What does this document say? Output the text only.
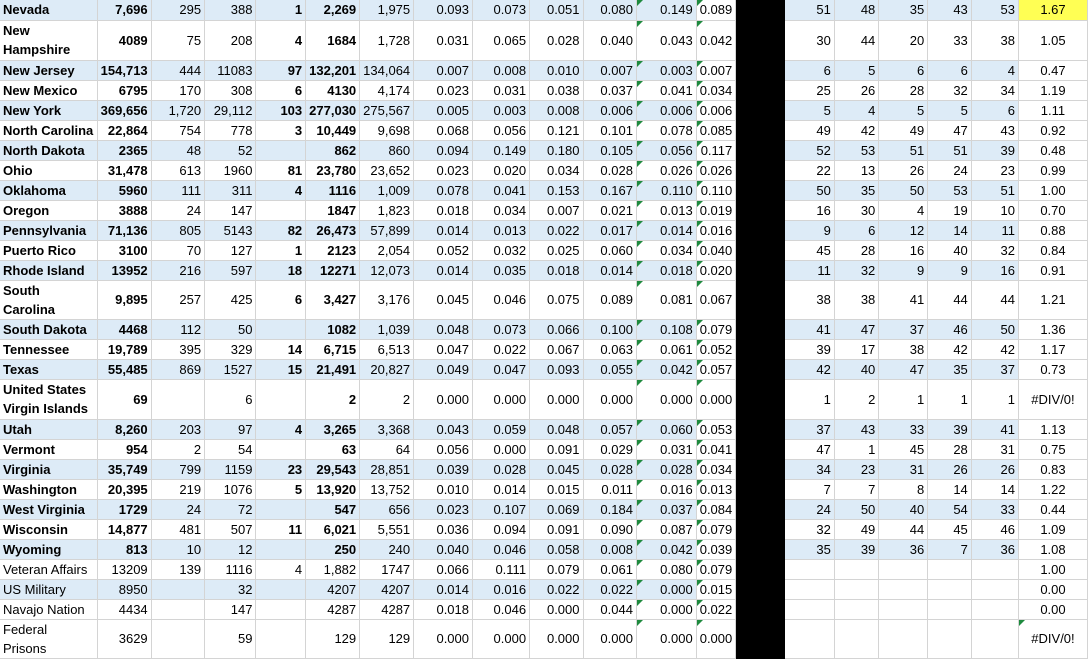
Nevada	7,696	295	388	1	2,269	1,975	0.093	0.073	0.051	0.080	0.149	0.089		51	48	35	43	53	1.67
New Hampshire	4089	75	208	4	1684	1,728	0.031	0.065	0.028	0.040	0.043	0.042		30	44	20	33	38	1.05
New Jersey	154,713	444	11083	97	132,201	134,064	0.007	0.008	0.010	0.007	0.003	0.007		6	5	6	6	4	0.47
New Mexico	6795	170	308	6	4130	4,174	0.023	0.031	0.038	0.037	0.041	0.034		25	26	28	32	34	1.19
New York	369,656	1,720	29,112	103	277,030	275,567	0.005	0.003	0.008	0.006	0.006	0.006		5	4	5	5	6	1.11
North Carolina	22,864	754	778	3	10,449	9,698	0.068	0.056	0.121	0.101	0.078	0.085		49	42	49	47	43	0.92
North Dakota	2365	48	52		862	860	0.094	0.149	0.180	0.105	0.056	0.117		52	53	51	51	39	0.48
Ohio	31,478	613	1960	81	23,780	23,652	0.023	0.020	0.034	0.028	0.026	0.026		22	13	26	24	23	0.99
Oklahoma	5960	111	311	4	1116	1,009	0.078	0.041	0.153	0.167	0.110	0.110		50	35	50	53	51	1.00
Oregon	3888	24	147		1847	1,823	0.018	0.034	0.007	0.021	0.013	0.019		16	30	4	19	10	0.70
Pennsylvania	71,136	805	5143	82	26,473	57,899	0.014	0.013	0.022	0.017	0.014	0.016		9	6	12	14	11	0.88
Puerto Rico	3100	70	127	1	2123	2,054	0.052	0.032	0.025	0.060	0.034	0.040		45	28	16	40	32	0.84
Rhode Island	13952	216	597	18	12271	12,073	0.014	0.035	0.018	0.014	0.018	0.020		11	32	9	9	16	0.91
South Carolina	9,895	257	425	6	3,427	3,176	0.045	0.046	0.075	0.089	0.081	0.067		38	38	41	44	44	1.21
South Dakota	4468	112	50		1082	1,039	0.048	0.073	0.066	0.100	0.108	0.079		41	47	37	46	50	1.36
Tennessee	19,789	395	329	14	6,715	6,513	0.047	0.022	0.067	0.063	0.061	0.052		39	17	38	42	42	1.17
Texas	55,485	869	1527	15	21,491	20,827	0.049	0.047	0.093	0.055	0.042	0.057		42	40	47	35	37	0.73
United States Virgin Islands	69		6		2	2	0.000	0.000	0.000	0.000	0.000	0.000		1	2	1	1	1	#DIV/0!
Utah	8,260	203	97	4	3,265	3,368	0.043	0.059	0.048	0.057	0.060	0.053		37	43	33	39	41	1.13
Vermont	954	2	54		63	64	0.056	0.000	0.091	0.029	0.031	0.041		47	1	45	28	31	0.75
Virginia	35,749	799	1159	23	29,543	28,851	0.039	0.028	0.045	0.028	0.028	0.034		34	23	31	26	26	0.83
Washington	20,395	219	1076	5	13,920	13,752	0.010	0.014	0.015	0.011	0.016	0.013		7	7	8	14	14	1.22
West Virginia	1729	24	72		547	656	0.023	0.107	0.069	0.184	0.037	0.084		24	50	40	54	33	0.44
Wisconsin	14,877	481	507	11	6,021	5,551	0.036	0.094	0.091	0.090	0.087	0.079		32	49	44	45	46	1.09
Wyoming	813	10	12		250	240	0.040	0.046	0.058	0.008	0.042	0.039		35	39	36	7	36	1.08
Veteran Affairs	13209	139	1116	4	1,882	1747	0.066	0.111	0.079	0.061	0.080	0.079							1.00
US Military	8950		32		4207	4207	0.014	0.016	0.022	0.022	0.000	0.015							0.00
Navajo Nation	4434		147		4287	4287	0.018	0.046	0.000	0.044	0.000	0.022							0.00
Federal Prisons	3629		59		129	129	0.000	0.000	0.000	0.000	0.000	0.000							#DIV/0!
